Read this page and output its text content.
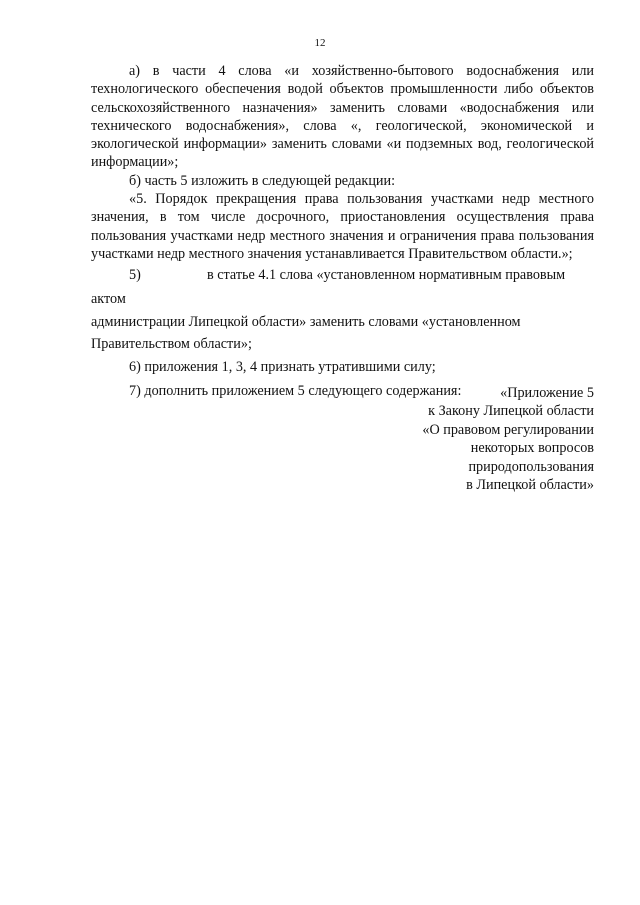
12

а) в части 4 слова «и хозяйственно-бытового водоснабжения или технологического обеспечения водой объектов промышленности либо объектов сельскохозяйственного назначения» заменить словами «водоснабжения или технического водоснабжения», слова «, геологической, экономической и экологической информации» заменить словами «и подземных вод, геологической информации»;

б) часть 5 изложить в следующей редакции:

«5. Порядок прекращения права пользования участками недр местного значения, в том числе досрочного, приостановления осуществления права пользования участками недр местного значения и ограничения права пользования участками недр местного значения устанавливается Правительством области.»;

5)	в статье 4.1 слова «установленном нормативным правовым актом
администрации Липецкой области» заменить словами «установленном
Правительством области»;

6) приложения 1, 3, 4 признать утратившими силу;

7) дополнить приложением 5 следующего содержания:	«Приложение 5
к Закону Липецкой области
«О правовом регулировании
некоторых вопросов
природопользования
в Липецкой области»
